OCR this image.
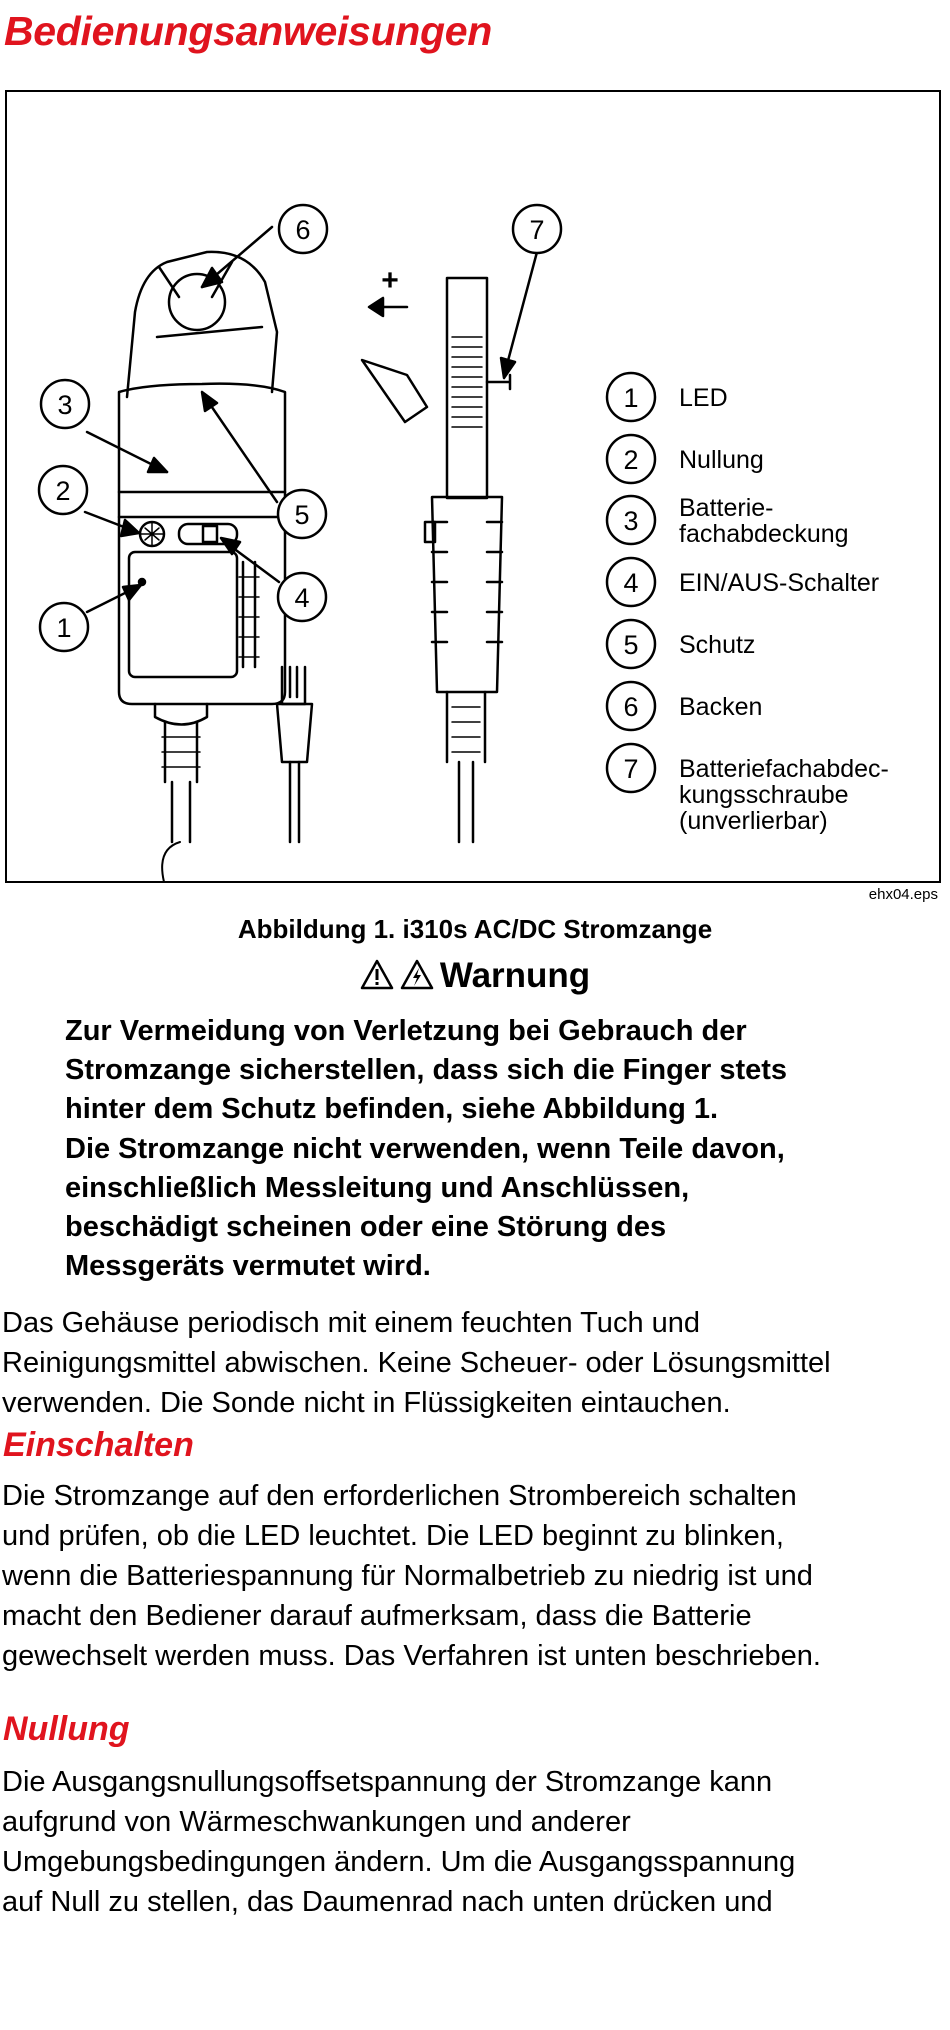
Bedienungsanweisungen
+
1
2
3
4
5
6	7
1 LED
2 Nullung
3 Batterie-
fachabdeckung
4 EIN/AUS-Schalter
5 Schutz
6 Backen
7 Batteriefachabdec-
kungsschraube
(unverlierbar)
ehx04.eps
Abbildung 1. i310s AC/DC Stromzange
Warnung

Zur Vermeidung von Verletzung bei Gebrauch der
Stromzange sicherstellen, dass sich die Finger stets
hinter dem Schutz befinden, siehe Abbildung 1.

Die Stromzange nicht verwenden, wenn Teile davon,
einschließlich Messleitung und Anschlüssen,
beschädigt scheinen oder eine Störung des
Messgeräts vermutet wird.

Das Gehäuse periodisch mit einem feuchten Tuch und
Reinigungsmittel abwischen. Keine Scheuer- oder Lösungsmittel
verwenden. Die Sonde nicht in Flüssigkeiten eintauchen.

Einschalten

Die Stromzange auf den erforderlichen Strombereich schalten
und prüfen, ob die LED leuchtet. Die LED beginnt zu blinken,
wenn die Batteriespannung für Normalbetrieb zu niedrig ist und
macht den Bediener darauf aufmerksam, dass die Batterie
gewechselt werden muss. Das Verfahren ist unten beschrieben.

Nullung

Die Ausgangsnullungsoffsetspannung der Stromzange kann
aufgrund von Wärmeschwankungen und anderer
Umgebungsbedingungen ändern. Um die Ausgangsspannung
auf Null zu stellen, das Daumenrad nach unten drücken und
